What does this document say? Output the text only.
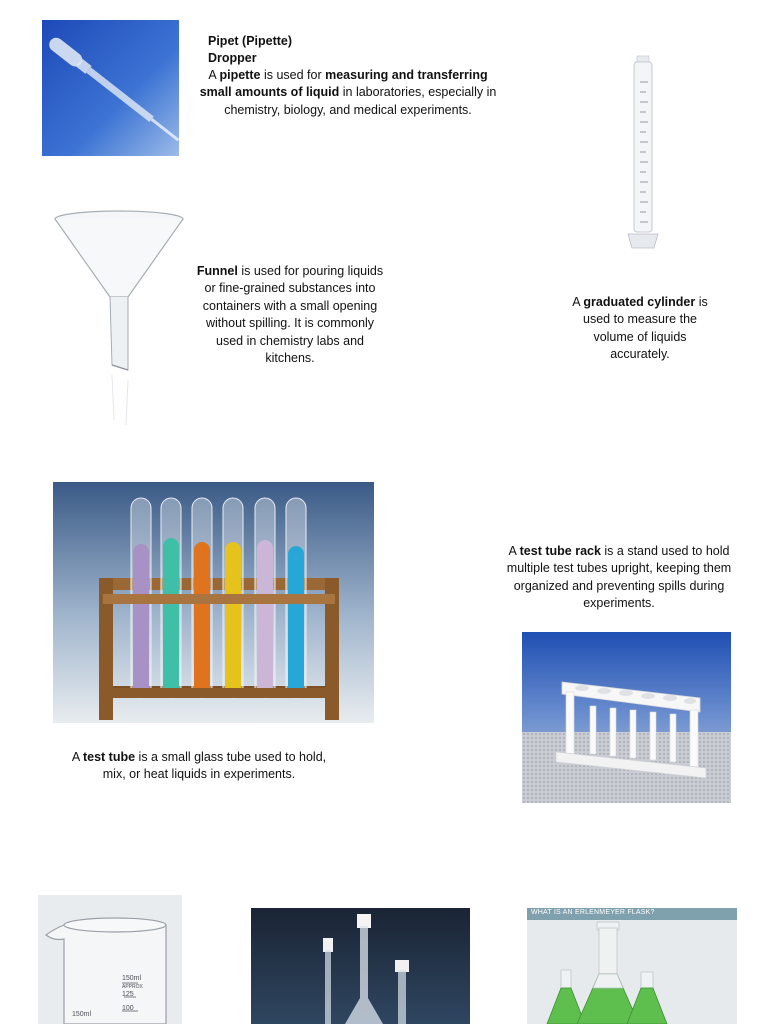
Pipet (Pipette)
Dropper
A pipette is used for measuring and transferring small amounts of liquid in laboratories, especially in chemistry, biology, and medical experiments.
Funnel is used for pouring liquids or fine-grained substances into containers with a small opening without spilling. It is commonly used in chemistry labs and kitchens.
A graduated cylinder is used to measure the volume of liquids accurately.
A test tube rack is a stand used to hold multiple test tubes upright, keeping them organized and preventing spills during experiments.
A test tube is a small glass tube used to hold, mix, or heat liquids in experiments.
150ml
APPROX
125
100
150ml
WHAT IS AN ERLENMEYER FLASK?
